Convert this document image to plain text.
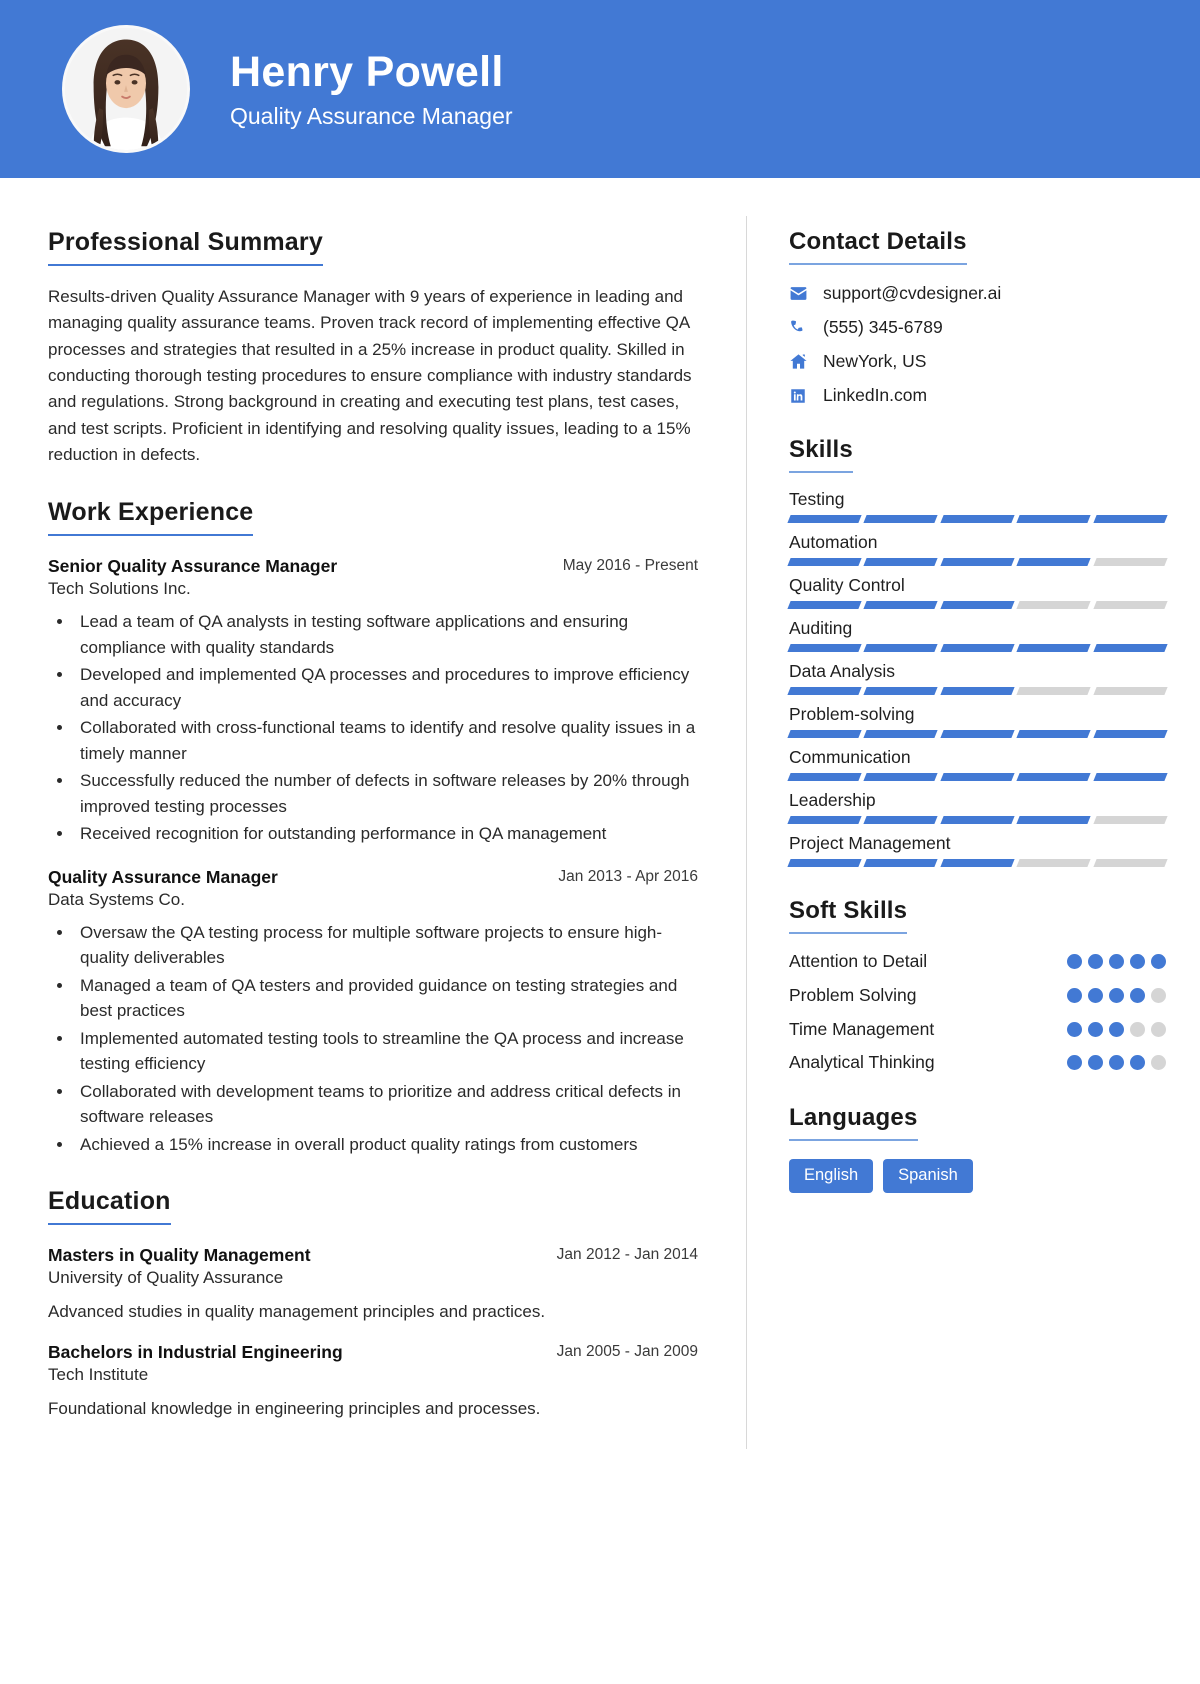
Henry Powell
Quality Assurance Manager
Professional Summary

Results-driven Quality Assurance Manager with 9 years of experience in leading and managing quality assurance teams. Proven track record of implementing effective QA processes and strategies that resulted in a 25% increase in product quality. Skilled in conducting thorough testing procedures to ensure compliance with industry standards and regulations. Strong background in creating and executing test plans, test cases, and test scripts. Proficient in identifying and resolving quality issues, leading to a 15% reduction in defects.

Work Experience
Senior Quality Assurance Manager	May 2016 - Present
Tech Solutions Inc.
• Lead a team of QA analysts in testing software applications and ensuring compliance with quality standards
• Developed and implemented QA processes and procedures to improve efficiency and accuracy
• Collaborated with cross-functional teams to identify and resolve quality issues in a timely manner
• Successfully reduced the number of defects in software releases by 20% through improved testing processes
• Received recognition for outstanding performance in QA management
Quality Assurance Manager	Jan 2013 - Apr 2016
Data Systems Co.
• Oversaw the QA testing process for multiple software projects to ensure high-quality deliverables
• Managed a team of QA testers and provided guidance on testing strategies and best practices
• Implemented automated testing tools to streamline the QA process and increase testing efficiency
• Collaborated with development teams to prioritize and address critical defects in software releases
• Achieved a 15% increase in overall product quality ratings from customers
Education
Masters in Quality Management	Jan 2012 - Jan 2014
University of Quality Assurance
Advanced studies in quality management principles and practices.
Bachelors in Industrial Engineering	Jan 2005 - Jan 2009
Tech Institute
Foundational knowledge in engineering principles and processes.
Contact Details
support@cvdesigner.ai
(555) 345-6789
NewYork, US
LinkedIn.com
Skills
Testing
Automation
Quality Control
Auditing
Data Analysis
Problem-solving
Communication
Leadership
Project Management
Soft Skills
Attention to Detail
Problem Solving
Time Management
Analytical Thinking
Languages
English	Spanish
